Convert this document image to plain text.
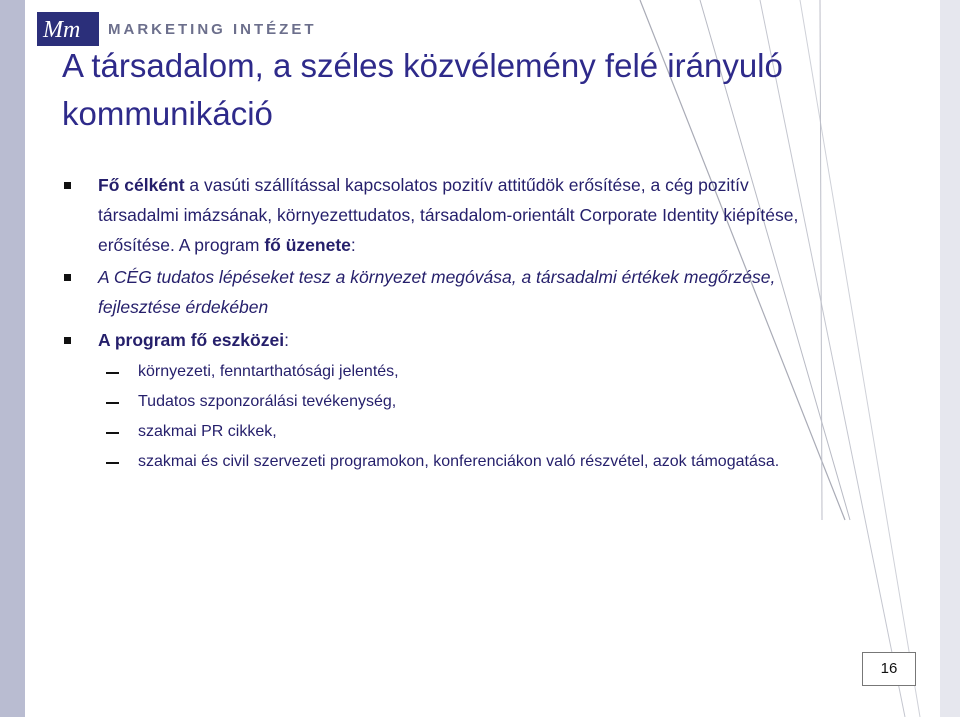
Mm MARKETING INTÉZET
A társadalom, a széles közvélemény felé irányuló kommunikáció
Fő célként a vasúti szállítással kapcsolatos pozitív attitűdök erősítése, a cég pozitív társadalmi imázsának, környezettudatos, társadalom-orientált Corporate Identity kiépítése, erősítése. A program fő üzenete:
A CÉG tudatos lépéseket tesz a környezet megóvása, a társadalmi értékek megőrzése, fejlesztése érdekében
A program fő eszközei:
környezeti, fenntarthatósági jelentés,
Tudatos szponzorálási tevékenység,
szakmai PR cikkek,
szakmai és civil szervezeti programokon, konferenciákon való részvétel, azok támogatása.
16
